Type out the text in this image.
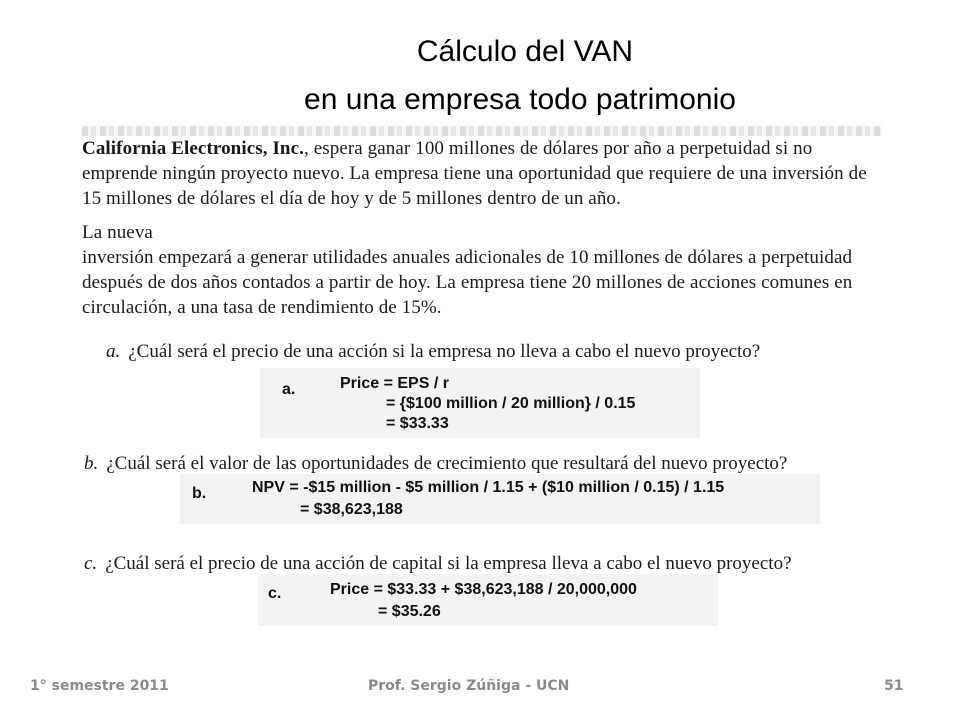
Cálculo del VAN
en una empresa todo patrimonio
California Electronics, Inc., espera ganar 100 millones de dólares por año a perpetuidad si no emprende ningún proyecto nuevo. La empresa tiene una oportunidad que requiere de una inversión de 15 millones de dólares el día de hoy y de 5 millones dentro de un año.
La nueva
inversión empezará a generar utilidades anuales adicionales de 10 millones de dólares a perpetuidad después de dos años contados a partir de hoy. La empresa tiene 20 millones de acciones comunes en circulación, a una tasa de rendimiento de 15%.
a. ¿Cuál será el precio de una acción si la empresa no lleva a cabo el nuevo proyecto?
a.	Price = EPS / r
= {$100 million / 20 million} / 0.15
= $33.33
b. ¿Cuál será el valor de las oportunidades de crecimiento que resultará del nuevo proyecto?
b.	NPV = -$15 million - $5 million / 1.15 + ($10 million / 0.15) / 1.15
= $38,623,188
c. ¿Cuál será el precio de una acción de capital si la empresa lleva a cabo el nuevo proyecto?
c.	Price = $33.33 + $38,623,188 / 20,000,000
= $35.26
1° semestre 2011	Prof. Sergio Zúñiga - UCN	51
